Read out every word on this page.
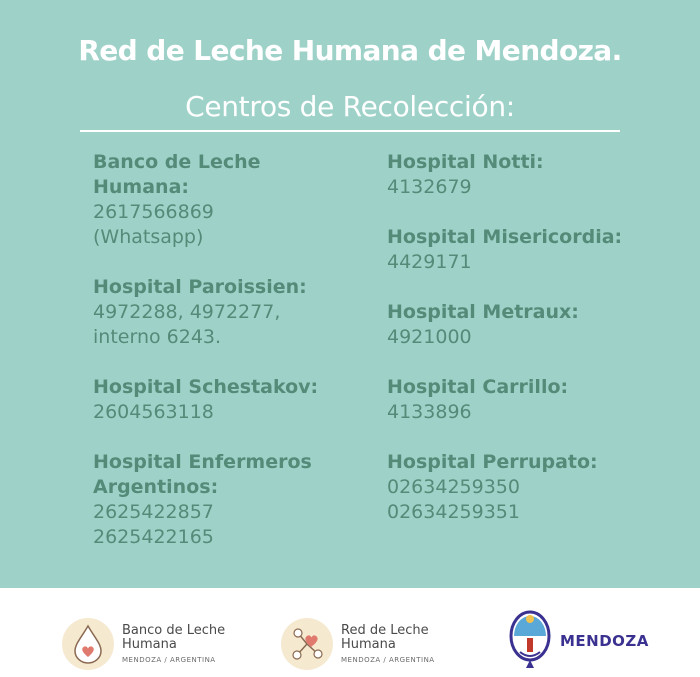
Red de Leche Humana de Mendoza.
Centros de Recolección:
Banco de Leche
Humana:
2617566869
(Whatsapp)
Hospital Paroissien:
4972288, 4972277,
interno 6243.
Hospital Schestakov:
2604563118
Hospital Enfermeros
Argentinos:
2625422857
2625422165
Hospital Notti:
4132679
Hospital Misericordia:
4429171
Hospital Metraux:
4921000
Hospital Carrillo:
4133896
Hospital Perrupato:
02634259350
02634259351
Banco de Leche
Humana
MENDOZA / ARGENTINA
Red de Leche
Humana
MENDOZA / ARGENTINA
MENDOZA
